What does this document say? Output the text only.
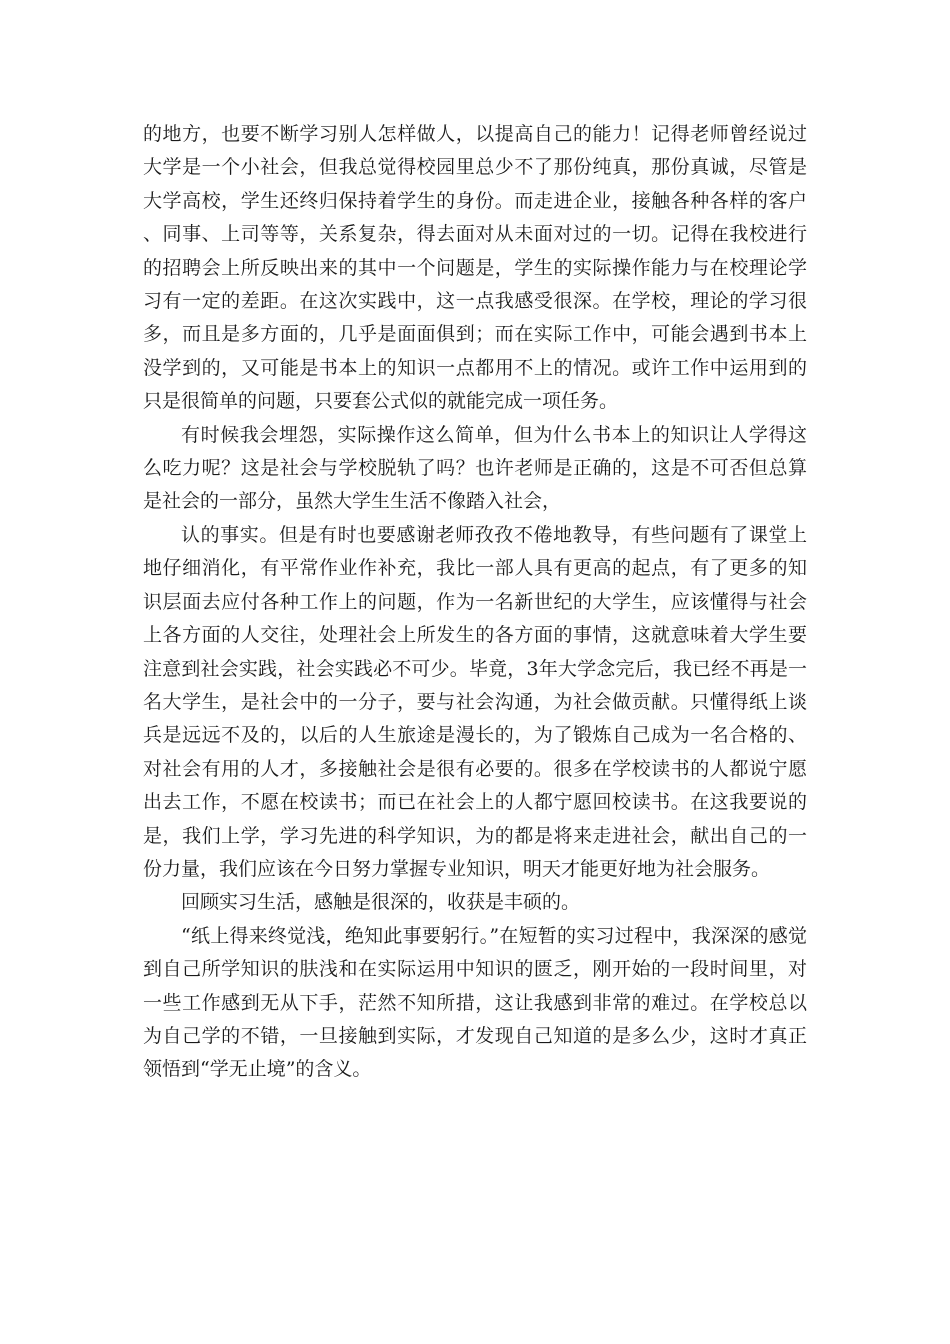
的地方，也要不断学习别人怎样做人，以提高自己的能力！记得老师曾经说过大学是一个小社会，但我总觉得校园里总少不了那份纯真，那份真诚，尽管是大学高校，学生还终归保持着学生的身份。而走进企业，接触各种各样的客户、同事、上司等等，关系复杂，得去面对从未面对过的一切。记得在我校进行的招聘会上所反映出来的其中一个问题是，学生的实际操作能力与在校理论学习有一定的差距。在这次实践中，这一点我感受很深。在学校，理论的学习很多，而且是多方面的，几乎是面面俱到；而在实际工作中，可能会遇到书本上没学到的，又可能是书本上的知识一点都用不上的情况。或许工作中运用到的只是很简单的问题，只要套公式似的就能完成一项任务。

有时候我会埋怨，实际操作这么简单，但为什么书本上的知识让人学得这么吃力呢？这是社会与学校脱轨了吗？也许老师是正确的，这是不可否但总算是社会的一部分，虽然大学生生活不像踏入社会，

认的事实。但是有时也要感谢老师孜孜不倦地教导，有些问题有了课堂上地仔细消化，有平常作业作补充，我比一部人具有更高的起点，有了更多的知识层面去应付各种工作上的问题，作为一名新世纪的大学生，应该懂得与社会上各方面的人交往，处理社会上所发生的各方面的事情，这就意味着大学生要注意到社会实践，社会实践必不可少。毕竟，3年大学念完后，我已经不再是一名大学生，是社会中的一分子，要与社会沟通，为社会做贡献。只懂得纸上谈兵是远远不及的，以后的人生旅途是漫长的，为了锻炼自己成为一名合格的、对社会有用的人才，多接触社会是很有必要的。很多在学校读书的人都说宁愿出去工作，不愿在校读书；而已在社会上的人都宁愿回校读书。在这我要说的是，我们上学，学习先进的科学知识，为的都是将来走进社会，献出自己的一份力量，我们应该在今日努力掌握专业知识，明天才能更好地为社会服务。

回顾实习生活，感触是很深的，收获是丰硕的。

“纸上得来终觉浅，绝知此事要躬行。”在短暂的实习过程中，我深深的感觉到自己所学知识的肤浅和在实际运用中知识的匮乏，刚开始的一段时间里，对一些工作感到无从下手，茫然不知所措，这让我感到非常的难过。在学校总以为自己学的不错，一旦接触到实际，才发现自己知道的是多么少，这时才真正领悟到“学无止境”的含义。
